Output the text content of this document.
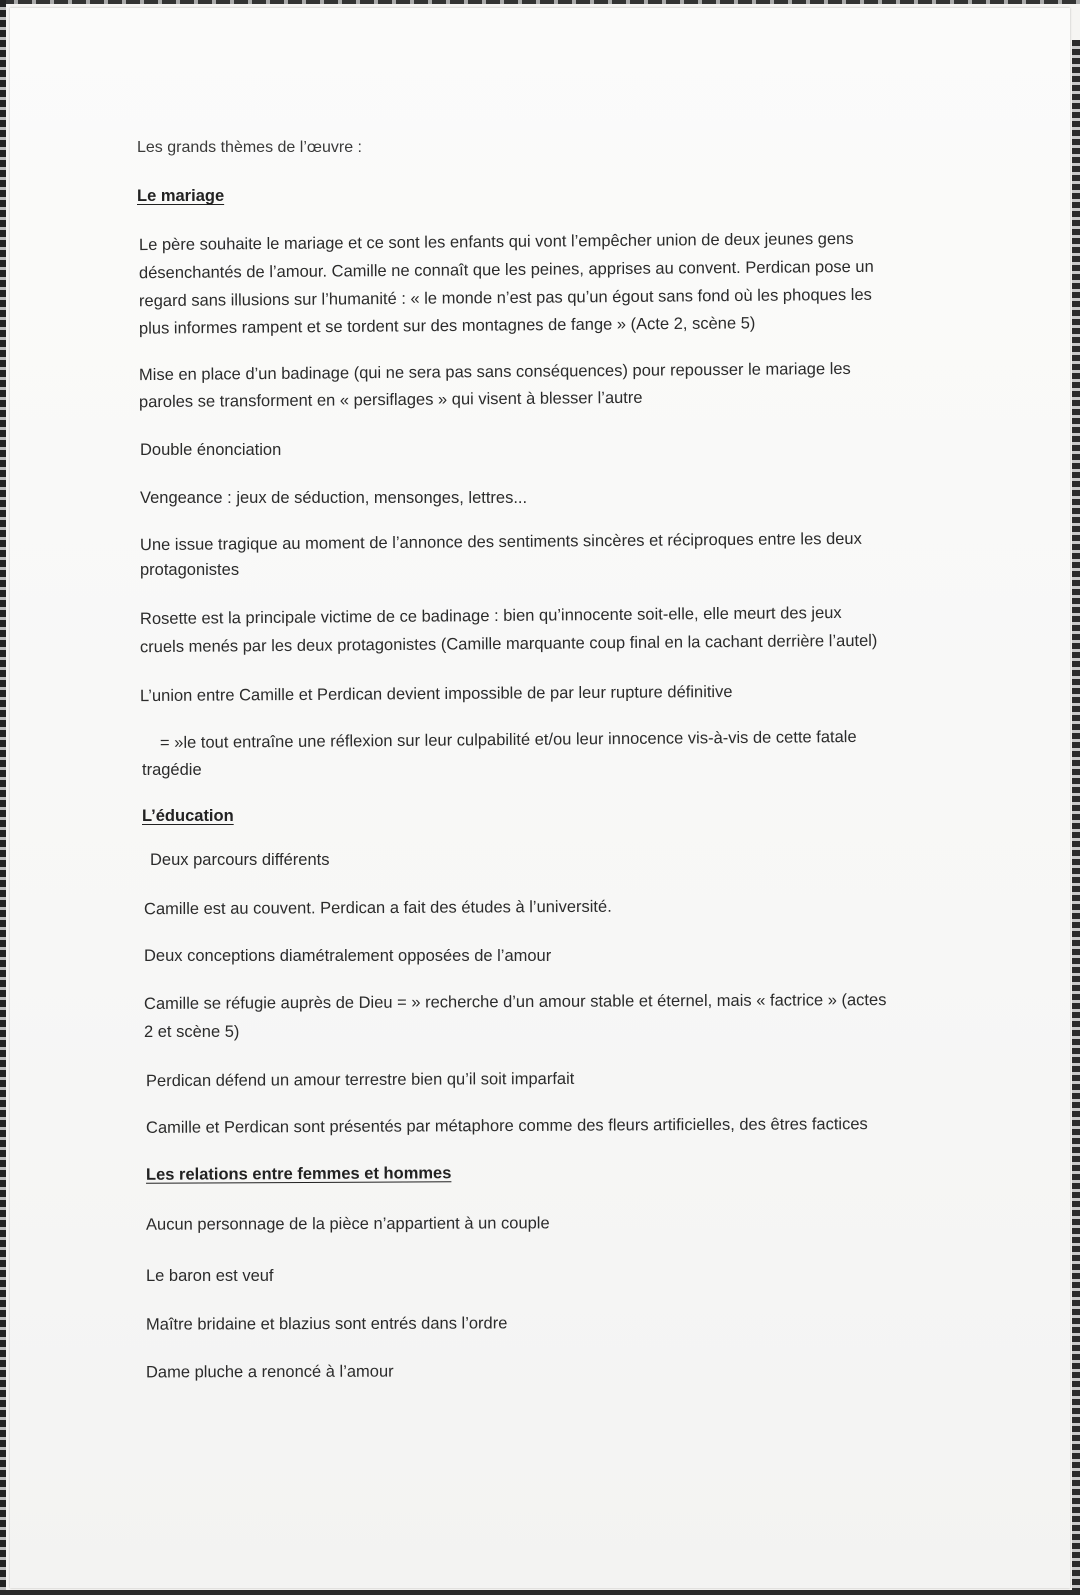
Les grands thèmes de l’œuvre :

Le mariage

Le père souhaite le mariage et ce sont les enfants qui vont l’empêcher union de deux jeunes gens

désenchantés de l’amour. Camille ne connaît que les peines, apprises au convent. Perdican pose un

regard sans illusions sur l’humanité : « le monde n’est pas qu’un égout sans fond où les phoques les

plus informes rampent et se tordent sur des montagnes de fange » (Acte 2, scène 5)

Mise en place d’un badinage (qui ne sera pas sans conséquences) pour repousser le mariage les

paroles se transforment en « persiflages » qui visent à blesser l’autre

Double énonciation

Vengeance : jeux de séduction, mensonges, lettres...

Une issue tragique au moment de l’annonce des sentiments sincères et réciproques entre les deux

protagonistes

Rosette est la principale victime de ce badinage : bien qu’innocente soit-elle, elle meurt des jeux

cruels menés par les deux protagonistes (Camille marquante coup final en la cachant derrière l’autel)

L’union entre Camille et Perdican devient impossible de par leur rupture définitive

= »le tout entraîne une réflexion sur leur culpabilité et/ou leur innocence vis-à-vis de cette fatale

tragédie

L’éducation

Deux parcours différents

Camille est au couvent. Perdican a fait des études à l’université.

Deux conceptions diamétralement opposées de l’amour

Camille se réfugie auprès de Dieu = » recherche d’un amour stable et éternel, mais « factrice » (actes

2 et scène 5)

Perdican défend un amour terrestre bien qu’il soit imparfait

Camille et Perdican sont présentés par métaphore comme des fleurs artificielles, des êtres factices

Les relations entre femmes et hommes

Aucun personnage de la pièce n’appartient à un couple

Le baron est veuf

Maître bridaine et blazius sont entrés dans l’ordre

Dame pluche a renoncé à l’amour
